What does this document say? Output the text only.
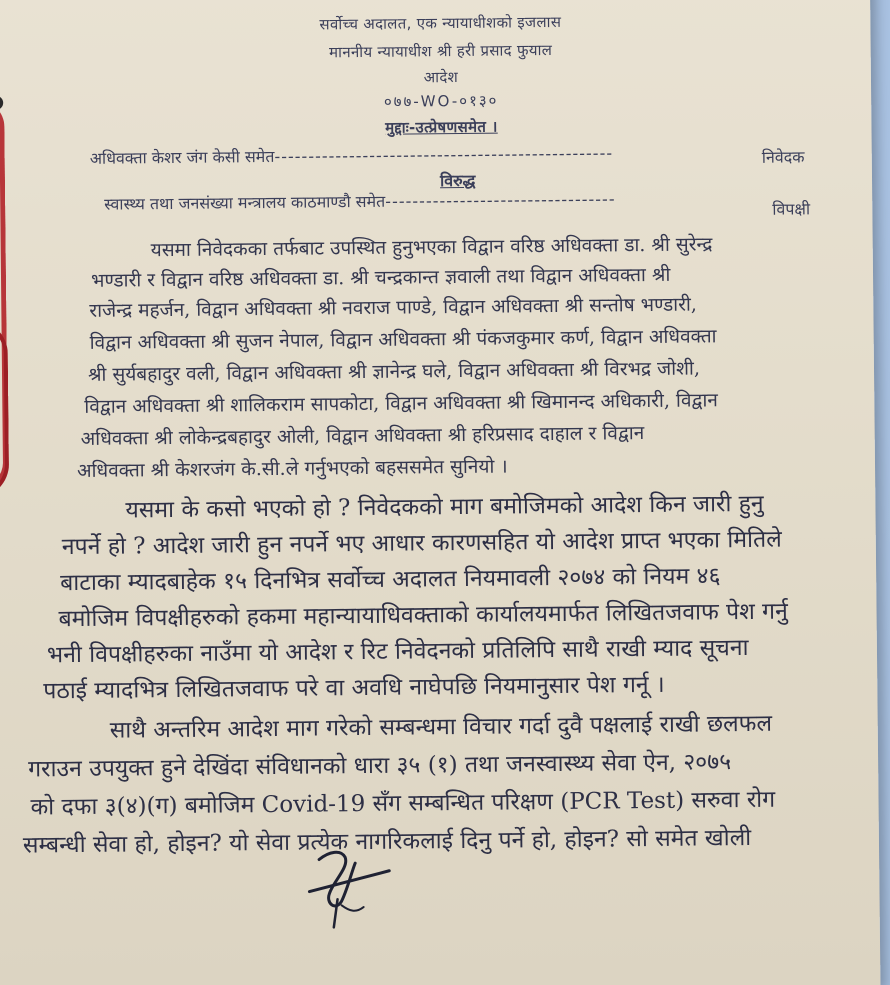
सर्वोच्च अदालत, एक न्यायाधीशको इजलास
माननीय न्यायाधीश श्री हरी प्रसाद फुयाल
आदेश
०७७-WO-०१३०
मुद्दाः-उत्प्रेषणसमेत ।
अधिवक्ता केशर जंग केसी समेत--------------------------------------------------	निवेदक
विरुद्ध
स्वास्थ्य तथा जनसंख्या मन्त्रालय काठमाण्डौ समेत----------------------------------	विपक्षी
यसमा निवेदकका तर्फबाट उपस्थित हुनुभएका विद्वान वरिष्ठ अधिवक्ता डा. श्री सुरेन्द्र
भण्डारी र विद्वान वरिष्ठ अधिवक्ता डा. श्री चन्द्रकान्त ज्ञवाली तथा विद्वान अधिवक्ता श्री
राजेन्द्र महर्जन, विद्वान अधिवक्ता श्री नवराज पाण्डे, विद्वान अधिवक्ता श्री सन्तोष भण्डारी,
विद्वान अधिवक्ता श्री सुजन नेपाल, विद्वान अधिवक्ता श्री पंकजकुमार कर्ण, विद्वान अधिवक्ता
श्री सुर्यबहादुर वली, विद्वान अधिवक्ता श्री ज्ञानेन्द्र घले, विद्वान अधिवक्ता श्री विरभद्र जोशी,
विद्वान अधिवक्ता श्री शालिकराम सापकोटा, विद्वान अधिवक्ता श्री खिमानन्द अधिकारी, विद्वान
अधिवक्ता श्री लोकेन्द्रबहादुर ओली, विद्वान अधिवक्ता श्री हरिप्रसाद दाहाल र विद्वान
अधिवक्ता श्री केशरजंग के.सी.ले गर्नुभएको बहससमेत सुनियो ।
यसमा के कसो भएको हो ? निवेदकको माग बमोजिमको आदेश किन जारी हुनु
नपर्ने हो ? आदेश जारी हुन नपर्ने भए आधार कारणसहित यो आदेश प्राप्त भएका मितिले
बाटाका म्यादबाहेक १५ दिनभित्र सर्वोच्च अदालत नियमावली २०७४ को नियम ४६
बमोजिम विपक्षीहरुको हकमा महान्यायाधिवक्ताको कार्यालयमार्फत लिखितजवाफ पेश गर्नु
भनी विपक्षीहरुका नाउँमा यो आदेश र रिट निवेदनको प्रतिलिपि साथै राखी म्याद सूचना
पठाई म्यादभित्र लिखितजवाफ परे वा अवधि नाघेपछि नियमानुसार पेश गर्नू ।
साथै अन्तरिम आदेश माग गरेको सम्बन्धमा विचार गर्दा दुवै पक्षलाई राखी छलफल
गराउन उपयुक्त हुने देखिंदा संविधानको धारा ३५ (१) तथा जनस्वास्थ्य सेवा ऐन, २०७५
को दफा ३(४)(ग) बमोजिम Covid-19 सँग सम्बन्धित परिक्षण (PCR Test) सरुवा रोग
सम्बन्धी सेवा हो, होइन? यो सेवा प्रत्येक नागरिकलाई दिनु पर्ने हो, होइन? सो समेत खोली
